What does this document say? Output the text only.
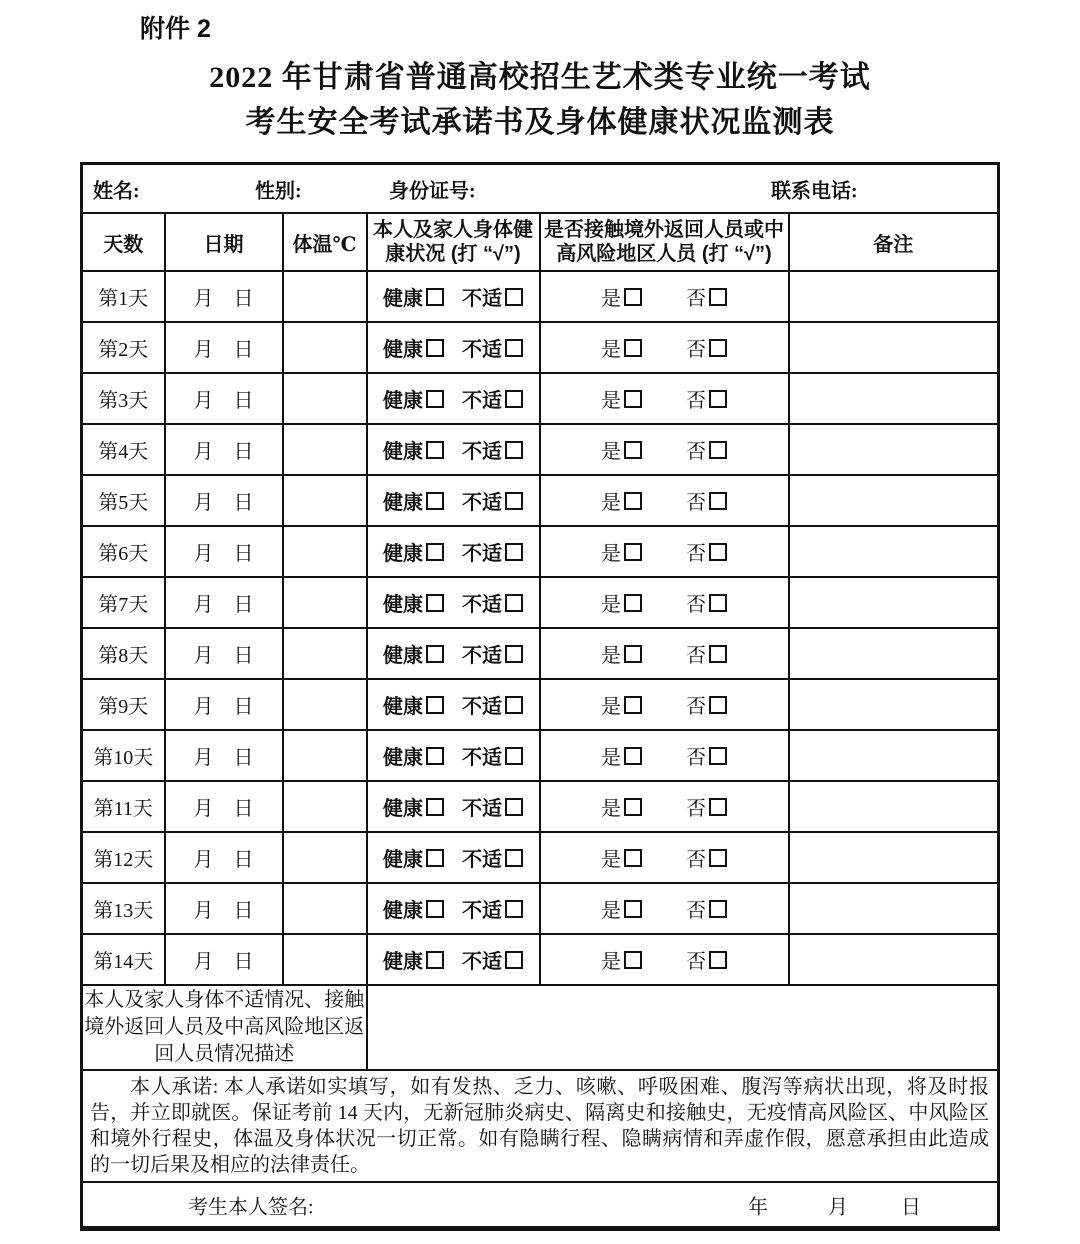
附件 2
2022 年甘肃省普通高校招生艺术类专业统一考试
考生安全考试承诺书及身体健康状况监测表
姓名: 性别: 身份证号: 联系电话:					

天数	日期	体温℃	本人及家人身体健康状况 (打 “√”)	是否接触境外返回人员或中高风险地区人员 (打 “√”)	备注
第1天	月　日		健康 不适	是 否	
第2天	月　日		健康 不适	是 否	
第3天	月　日		健康 不适	是 否	
第4天	月　日		健康 不适	是 否	
第5天	月　日		健康 不适	是 否	
第6天	月　日		健康 不适	是 否	
第7天	月　日		健康 不适	是 否	
第8天	月　日		健康 不适	是 否	
第9天	月　日		健康 不适	是 否	
第10天	月　日		健康 不适	是 否	
第11天	月　日		健康 不适	是 否	
第12天	月　日		健康 不适	是 否	
第13天	月　日		健康 不适	是 否	
第14天	月　日		健康 不适	是 否	
本人及家人身体不适情况、接触境外返回人员及中高风险地区返回人员情况描述					

本人承诺: 本人承诺如实填写，如有发热、乏力、咳嗽、呼吸困难、腹泻等病状出现，将及时报告，并立即就医。保证考前 14 天内，无新冠肺炎病史、隔离史和接触史，无疫情高风险区、中风险区和境外行程史，体温及身体状况一切正常。如有隐瞒行程、隐瞒病情和弄虚作假，愿意承担由此造成的一切后果及相应的法律责任。					

考生本人签名: 年 月 日					
